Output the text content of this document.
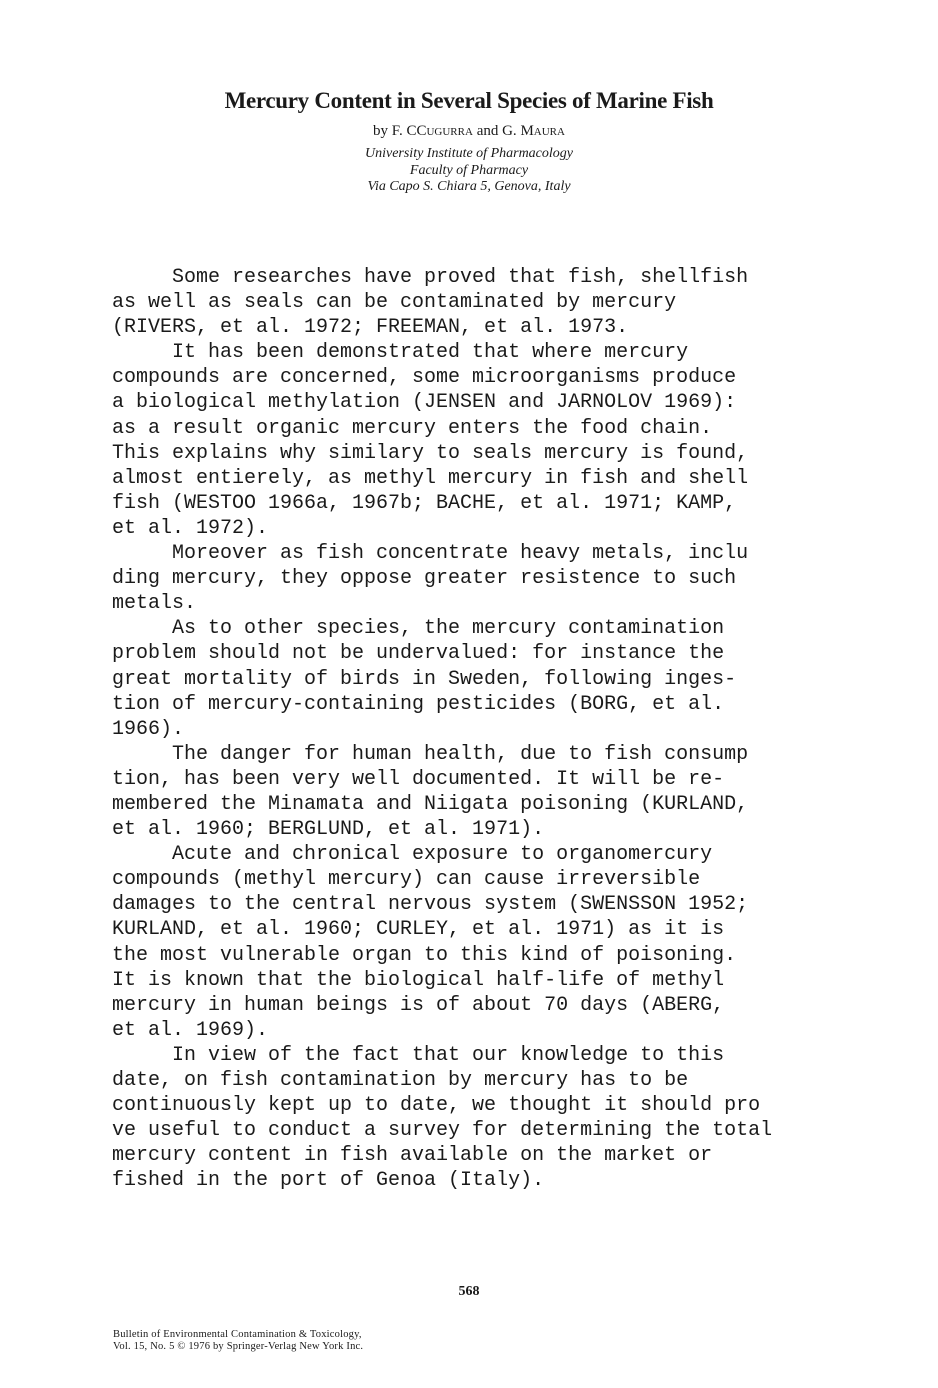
Mercury Content in Several Species of Marine Fish
by F. CCugurra and G. Maura
University Institute of Pharmacology
Faculty of Pharmacy
Via Capo S. Chiara 5, Genova, Italy
Some researches have proved that fish, shellfish
as well as seals can be contaminated by mercury
(RIVERS, et al. 1972; FREEMAN, et al. 1973.
It has been demonstrated that where mercury
compounds are concerned, some microorganisms produce
a biological methylation (JENSEN and JARNOLOV 1969):
as a result organic mercury enters the food chain.
This explains why similary to seals mercury is found,
almost entierely, as methyl mercury in fish and shell
fish (WESTOO 1966a, 1967b; BACHE, et al. 1971; KAMP,
et al. 1972).
Moreover as fish concentrate heavy metals, inclu
ding mercury, they oppose greater resistence to such
metals.
As to other species, the mercury contamination
problem should not be undervalued: for instance the
great mortality of birds in Sweden, following inges-
tion of mercury-containing pesticides (BORG, et al.
1966).
The danger for human health, due to fish consump
tion, has been very well documented. It will be re-
membered the Minamata and Niigata poisoning (KURLAND,
et al. 1960; BERGLUND, et al. 1971).
Acute and chronical exposure to organomercury
compounds (methyl mercury) can cause irreversible
damages to the central nervous system (SWENSSON 1952;
KURLAND, et al. 1960; CURLEY, et al. 1971) as it is
the most vulnerable organ to this kind of poisoning.
It is known that the biological half-life of methyl
mercury in human beings is of about 70 days (ABERG,
et al. 1969).
In view of the fact that our knowledge to this
date, on fish contamination by mercury has to be
continuously kept up to date, we thought it should pro
ve useful to conduct a survey for determining the total
mercury content in fish available on the market or
fished in the port of Genoa (Italy).
568
Bulletin of Environmental Contamination & Toxicology,
Vol. 15, No. 5 © 1976 by Springer-Verlag New York Inc.
